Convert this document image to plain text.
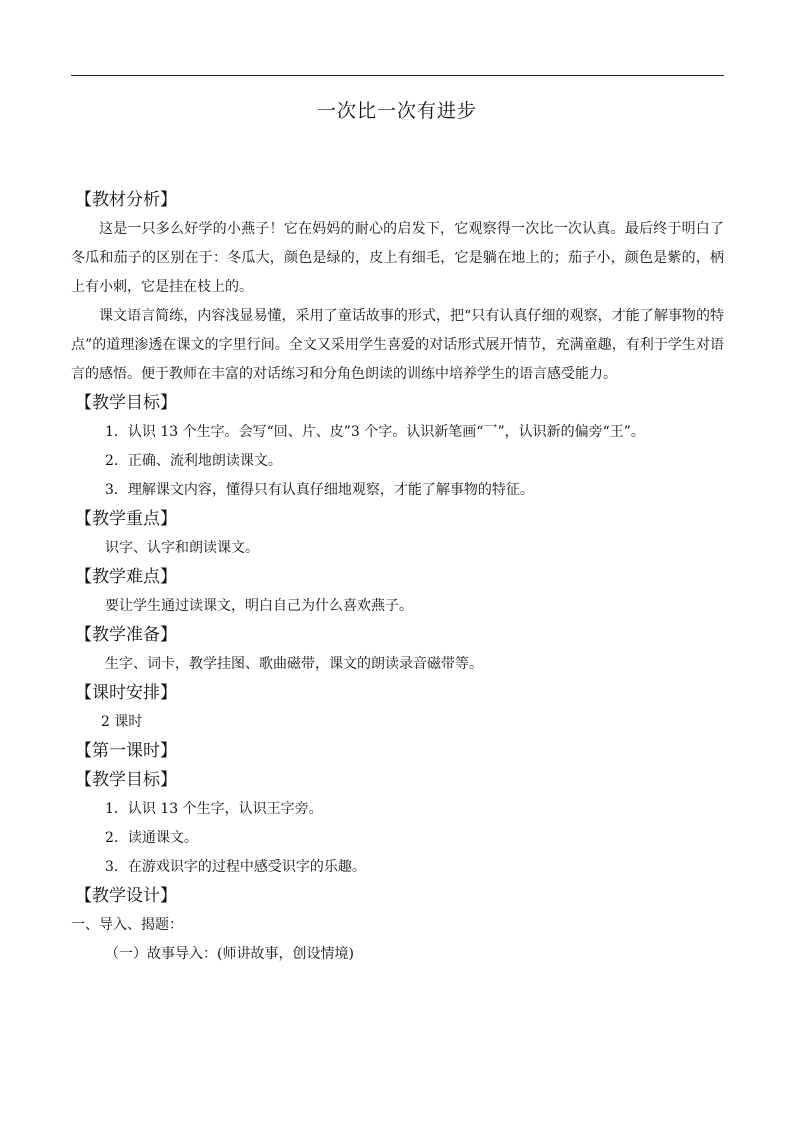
一次比一次有进步
【教材分析】

这是一只多么好学的小燕子！它在妈妈的耐心的启发下，它观察得一次比一次认真。最后终于明白了冬瓜和茄子的区别在于：冬瓜大，颜色是绿的，皮上有细毛，它是躺在地上的；茄子小，颜色是紫的，柄上有小刺，它是挂在枝上的。

课文语言简练，内容浅显易懂，采用了童话故事的形式，把“只有认真仔细的观察，才能了解事物的特点”的道理渗透在课文的字里行间。全文又采用学生喜爱的对话形式展开情节，充满童趣，有利于学生对语言的感悟。便于教师在丰富的对话练习和分角色朗读的训练中培养学生的语言感受能力。

【教学目标】
1．认识 13 个生字。会写“回、片、皮”3 个字。认识新笔画“乛”，认识新的偏旁“王”。
2．正确、流利地朗读课文。
3．理解课文内容，懂得只有认真仔细地观察，才能了解事物的特征。
【教学重点】
识字、认字和朗读课文。
【教学难点】
要让学生通过读课文，明白自己为什么喜欢燕子。
【教学准备】
生字、词卡，教学挂图、歌曲磁带，课文的朗读录音磁带等。
【课时安排】
2 课时
【第一课时】
【教学目标】
1．认识 13 个生字，认识王字旁。
2．读通课文。
3．在游戏识字的过程中感受识字的乐趣。
【教学设计】
一、导入、揭题：
（一）故事导入：(师讲故事，创设情境)
